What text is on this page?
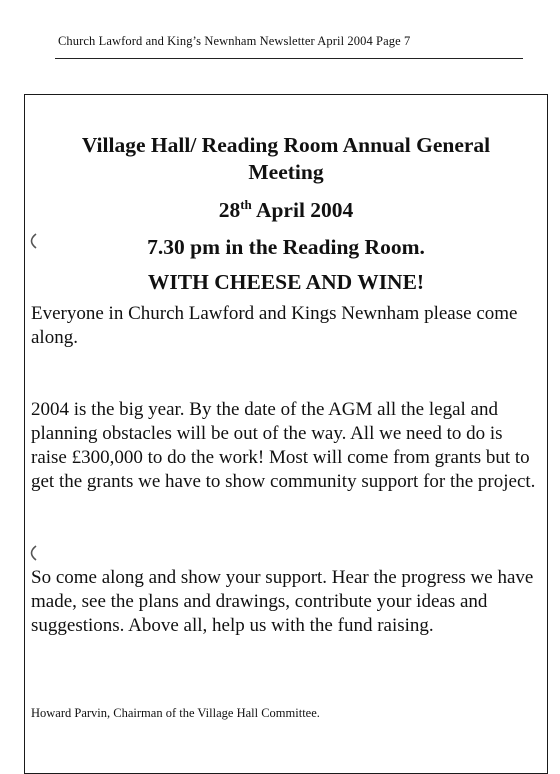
Church Lawford and King’s Newnham Newsletter April 2004 Page 7
Village Hall/ Reading Room Annual General
Meeting
28th April 2004
7.30 pm in the Reading Room.
WITH CHEESE AND WINE!

Everyone in Church Lawford and Kings Newnham please come along.

2004 is the big year. By the date of the AGM all the legal and planning obstacles will be out of the way. All we need to do is raise £300,000 to do the work! Most will come from grants but to get the grants we have to show community support for the project.

So come along and show your support. Hear the progress we have made, see the plans and drawings, contribute your ideas and suggestions. Above all, help us with the fund raising.

Howard Parvin, Chairman of the Village Hall Committee.
